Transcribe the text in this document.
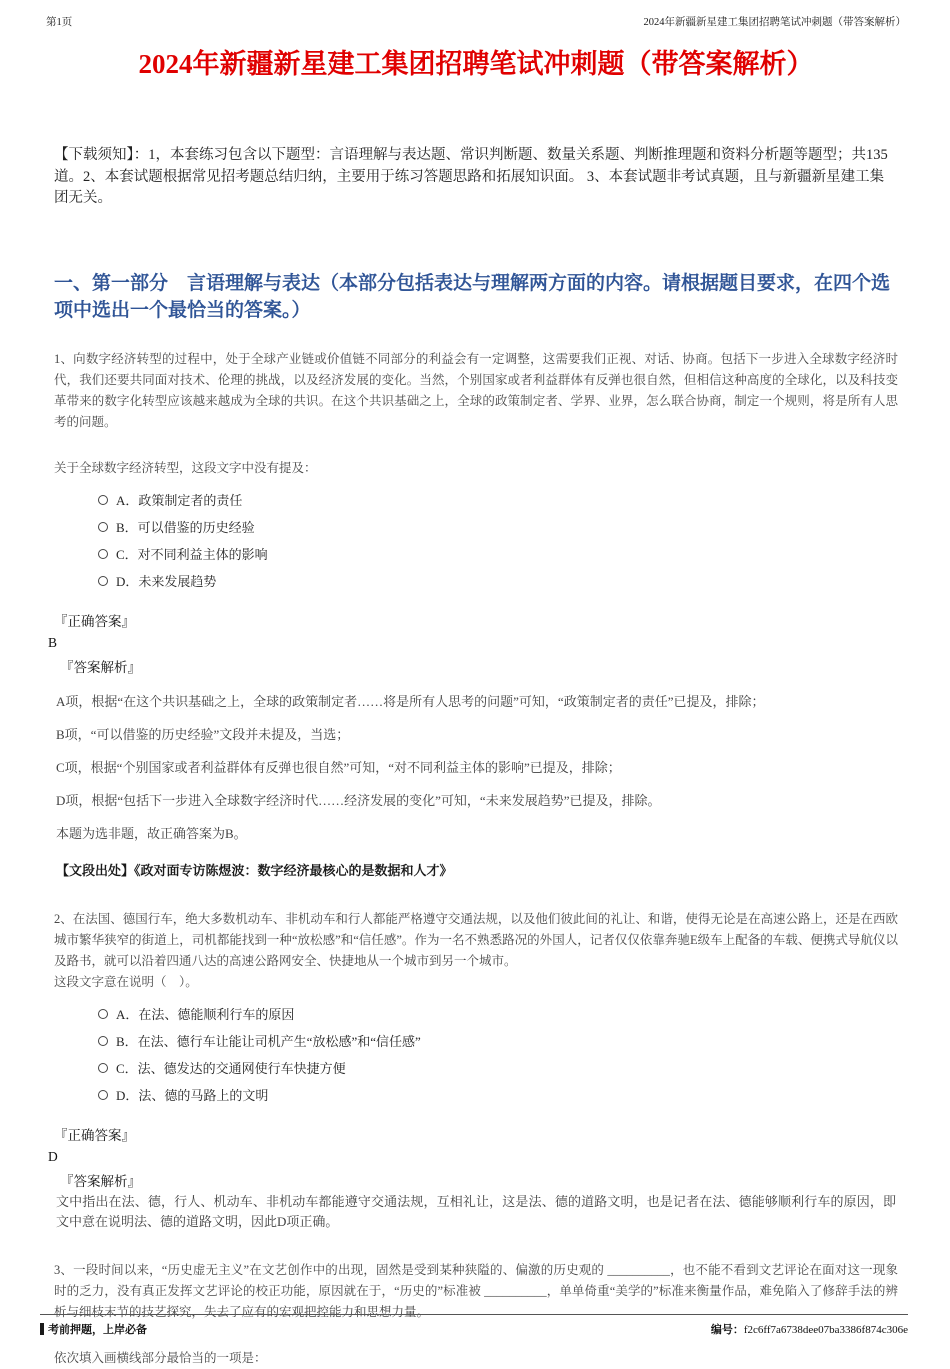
第1页	2024年新疆新星建工集团招聘笔试冲刺题（带答案解析）
2024年新疆新星建工集团招聘笔试冲刺题（带答案解析）

【下载须知】：1，本套练习包含以下题型：言语理解与表达题、常识判断题、数量关系题、判断推理题和资料分析题等题型；共135道。2、本套试题根据常见招考题总结归纳，主要用于练习答题思路和拓展知识面。 3、本套试题非考试真题，且与新疆新星建工集团无关。

一、第一部分　言语理解与表达（本部分包括表达与理解两方面的内容。请根据题目要求，在四个选项中选出一个最恰当的答案。）

1、向数字经济转型的过程中，处于全球产业链或价值链不同部分的利益会有一定调整，这需要我们正视、对话、协商。包括下一步进入全球数字经济时代，我们还要共同面对技术、伦理的挑战，以及经济发展的变化。当然，个别国家或者利益群体有反弹也很自然，但相信这种高度的全球化，以及科技变革带来的数字化转型应该越来越成为全球的共识。在这个共识基础之上，全球的政策制定者、学界、业界，怎么联合协商，制定一个规则，将是所有人思考的问题。

关于全球数字经济转型，这段文字中没有提及：

A．政策制定者的责任
B．可以借鉴的历史经验
C．对不同利益主体的影响
D．未来发展趋势

『正确答案』

B

『答案解析』

A项，根据“在这个共识基础之上，全球的政策制定者……将是所有人思考的问题”可知，“政策制定者的责任”已提及，排除；

B项，“可以借鉴的历史经验”文段并未提及，当选；

C项，根据“个别国家或者利益群体有反弹也很自然”可知，“对不同利益主体的影响”已提及，排除；

D项，根据“包括下一步进入全球数字经济时代……经济发展的变化”可知，“未来发展趋势”已提及，排除。

本题为选非题，故正确答案为B。

【文段出处】《政对面专访陈煜波：数字经济最核心的是数据和人才》

2、在法国、德国行车，绝大多数机动车、非机动车和行人都能严格遵守交通法规，以及他们彼此间的礼让、和谐，使得无论是在高速公路上，还是在西欧城市繁华狭窄的街道上，司机都能找到一种“放松感”和“信任感”。作为一名不熟悉路况的外国人，记者仅仅依靠奔驰E级车上配备的车载、便携式导航仪以及路书，就可以沿着四通八达的高速公路网安全、快捷地从一个城市到另一个城市。

这段文字意在说明（　）。

A．在法、德能顺利行车的原因
B．在法、德行车让能让司机产生“放松感”和“信任感”
C．法、德发达的交通网使行车快捷方便
D．法、德的马路上的文明

『正确答案』

D

『答案解析』

文中指出在法、德，行人、机动车、非机动车都能遵守交通法规，互相礼让，这是法、德的道路文明，也是记者在法、德能够顺利行车的原因，即文中意在说明法、德的道路文明，因此D项正确。

3、一段时间以来，“历史虚无主义”在文艺创作中的出现，固然是受到某种狭隘的、偏激的历史观的 __________，也不能不看到文艺评论在面对这一现象时的乏力，没有真正发挥文艺评论的校正功能，原因就在于，“历史的”标准被 __________，单单倚重“美学的”标准来衡量作品，难免陷入了修辞手法的辨析与细枝末节的技艺探究，失去了应有的宏观把控能力和思想力量。

依次填入画横线部分最恰当的一项是：

考前押题，上岸必备	编号：f2c6ff7a6738dee07ba3386f874c306e
